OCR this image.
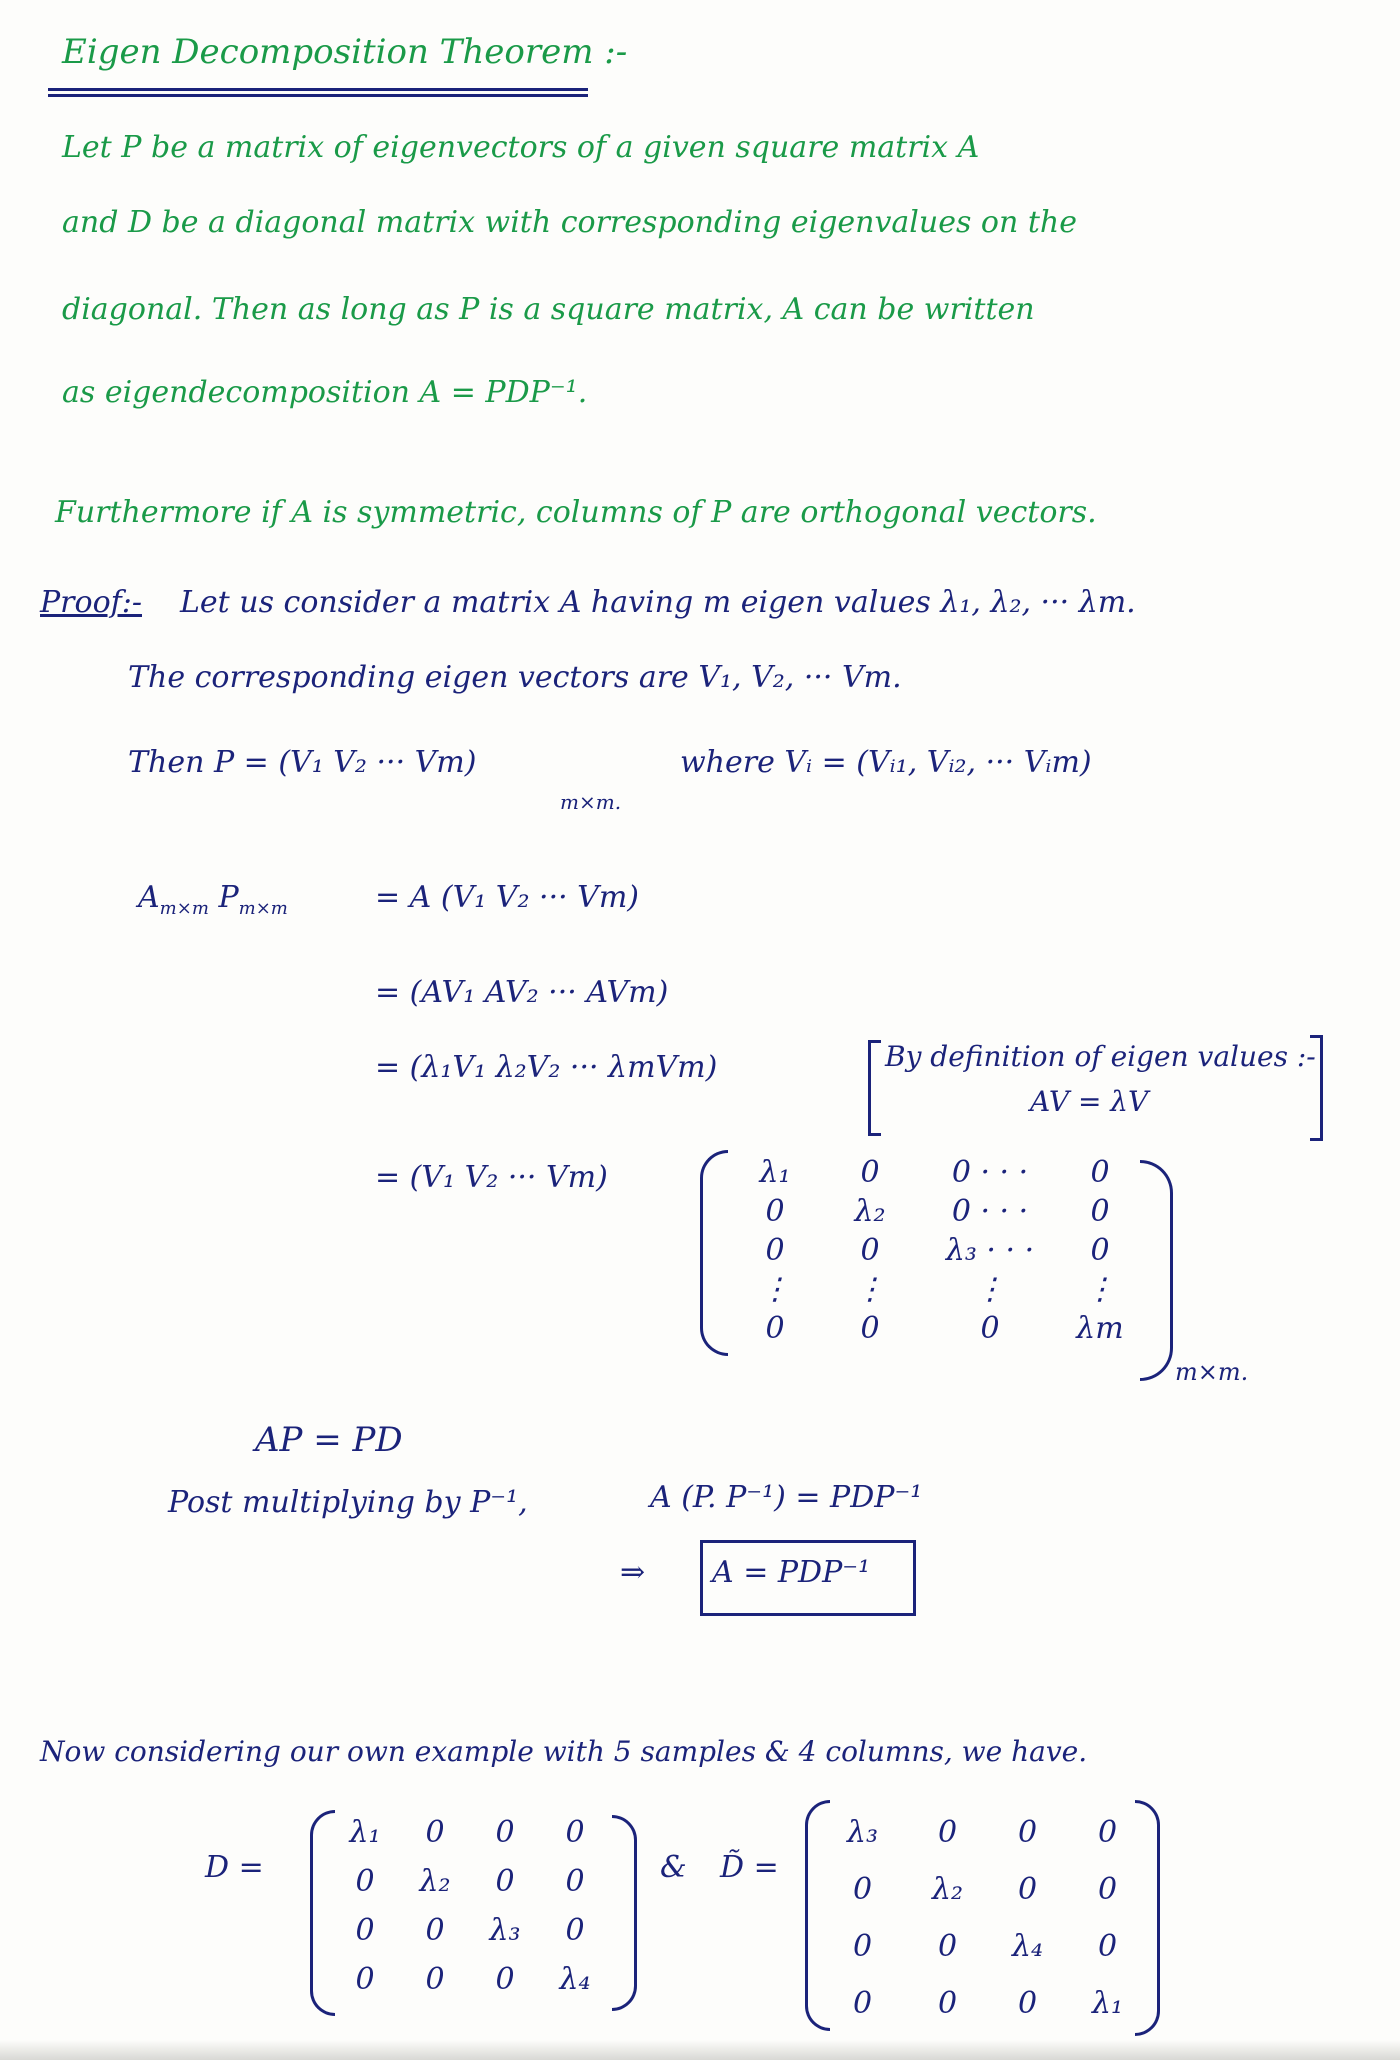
Eigen Decomposition Theorem :-
Let P be a matrix of eigenvectors of a given square matrix A
and D be a diagonal matrix with corresponding eigenvalues on the
diagonal. Then as long as P is a square matrix, A can be written
as eigendecomposition A = PDP⁻¹.
Furthermore if A is symmetric, columns of P are orthogonal vectors.
Proof:- Let us consider a matrix A having m eigen values λ₁, λ₂, ··· λm.
The corresponding eigen vectors are V₁, V₂, ··· Vm.
Then P = (V₁ V₂ ··· Vm)
m×m.
where Vᵢ = (Vᵢ₁, Vᵢ₂, ··· Vᵢm)
$A_{m\times m}$ $P_{m\times m}$	= A (V₁ V₂ ··· Vm)
= (AV₁ AV₂ ··· AVm)
= (λ₁V₁ λ₂V₂ ··· λmVm)	By definition of eigen values :-
AV = λV
= (V₁ V₂ ··· Vm)	λ₁	0	0 · · ·	0
0	λ₂	0 · · ·	0
0	0	λ₃ · · ·	0
⋮	⋮	⋮	⋮
0	0	0	λm
m×m.
AP = PD
Post multiplying by P⁻¹,	A (P. P⁻¹) = PDP⁻¹
⇒ A = PDP⁻¹
Now considering our own example with 5 samples & 4 columns, we have.
D =
λ₁	0	0	0
0	λ₂	0	0
0	0	λ₃	0
0	0	0	λ₄
& D̃ =
λ₃	0	0	0
0	λ₂	0	0
0	0	λ₄	0
0	0	0	λ₁
